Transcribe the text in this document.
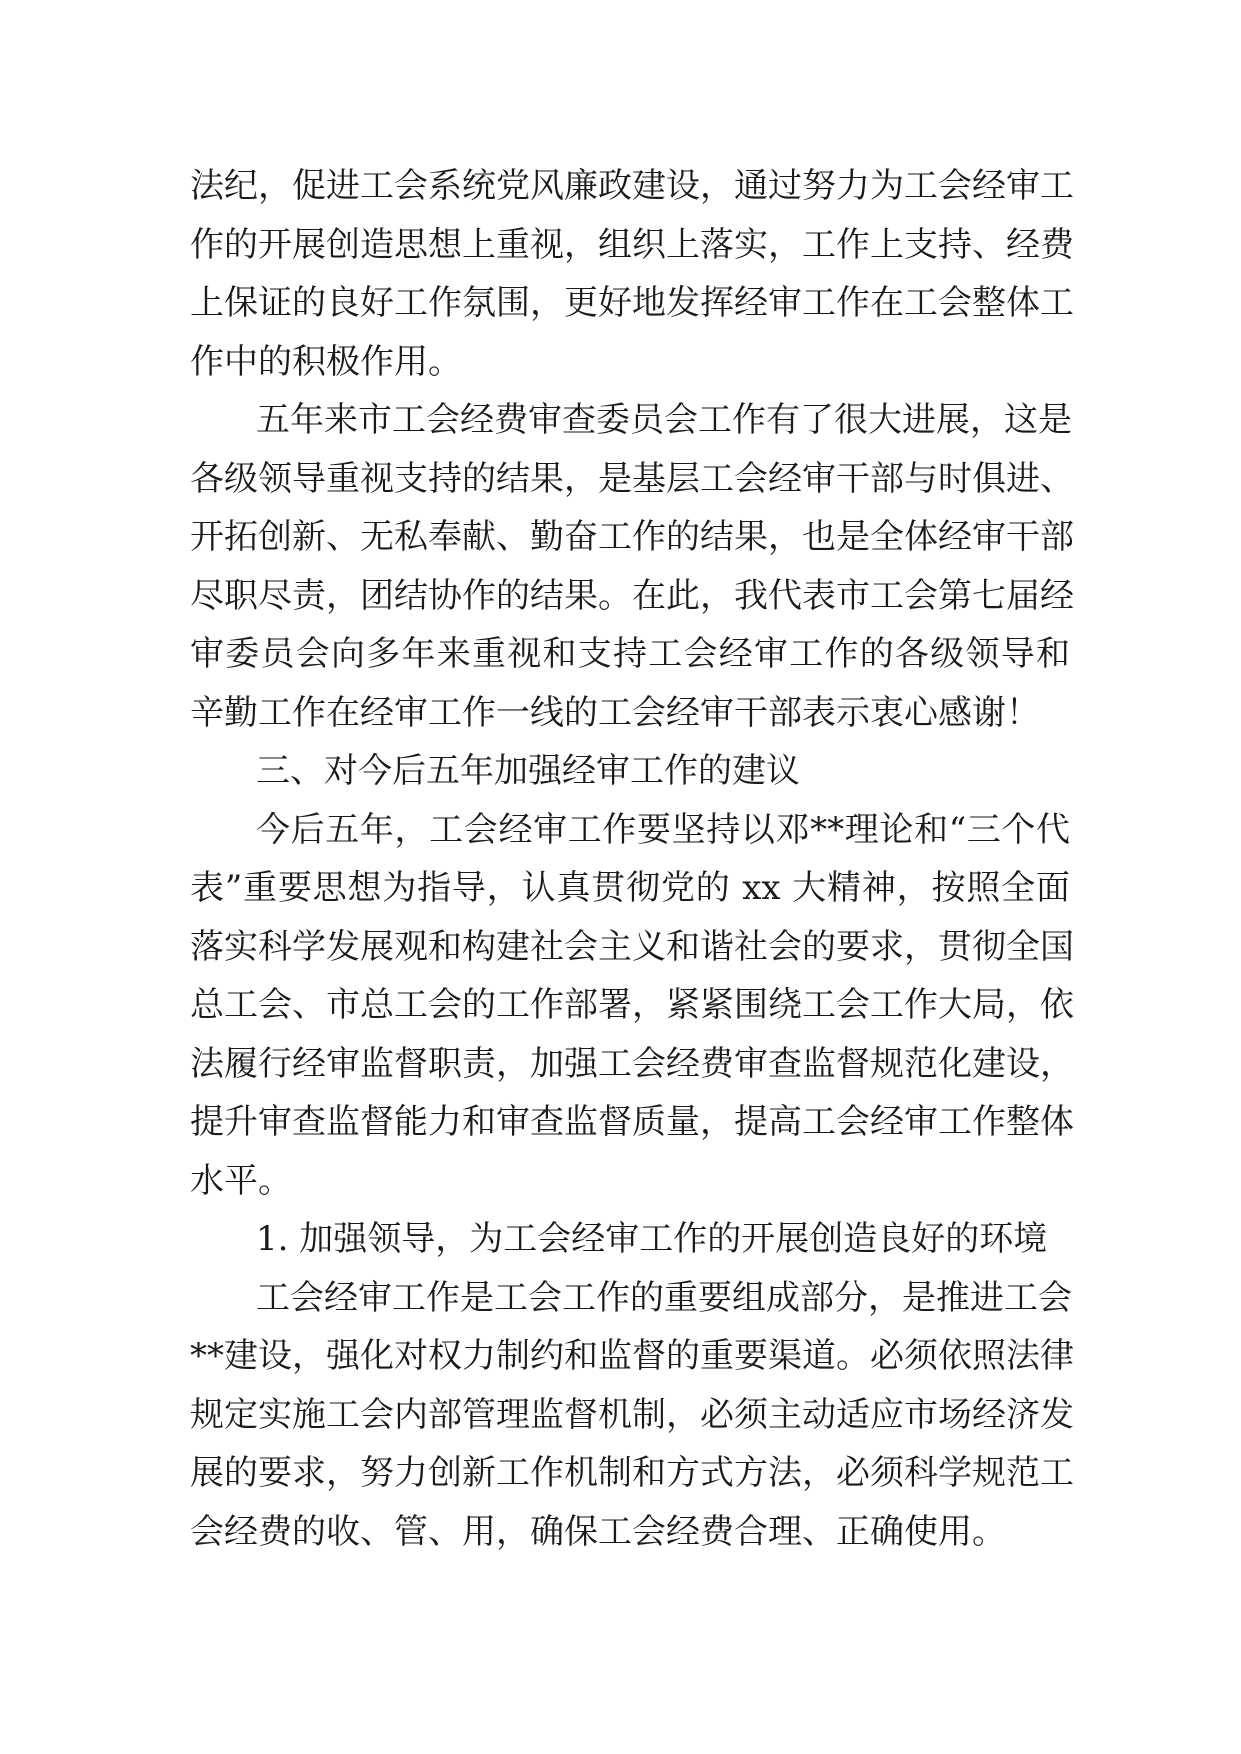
法纪，促进工会系统党风廉政建设，通过努力为工会经审工
作的开展创造思想上重视，组织上落实，工作上支持、经费
上保证的良好工作氛围，更好地发挥经审工作在工会整体工
作中的积极作用。
五年来市工会经费审查委员会工作有了很大进展，这是
各级领导重视支持的结果，是基层工会经审干部与时俱进、
开拓创新、无私奉献、勤奋工作的结果，也是全体经审干部
尽职尽责，团结协作的结果。在此，我代表市工会第七届经
审委员会向多年来重视和支持工会经审工作的各级领导和
辛勤工作在经审工作一线的工会经审干部表示衷心感谢！
三、对今后五年加强经审工作的建议
今后五年，工会经审工作要坚持以邓**理论和“三个代
表”重要思想为指导，认真贯彻党的 xx 大精神，按照全面
落实科学发展观和构建社会主义和谐社会的要求，贯彻全国
总工会、市总工会的工作部署，紧紧围绕工会工作大局，依
法履行经审监督职责，加强工会经费审查监督规范化建设，
提升审查监督能力和审查监督质量，提高工会经审工作整体
水平。
1. 加强领导，为工会经审工作的开展创造良好的环境
工会经审工作是工会工作的重要组成部分，是推进工会
**建设，强化对权力制约和监督的重要渠道。必须依照法律
规定实施工会内部管理监督机制，必须主动适应市场经济发
展的要求，努力创新工作机制和方式方法，必须科学规范工
会经费的收、管、用，确保工会经费合理、正确使用。
